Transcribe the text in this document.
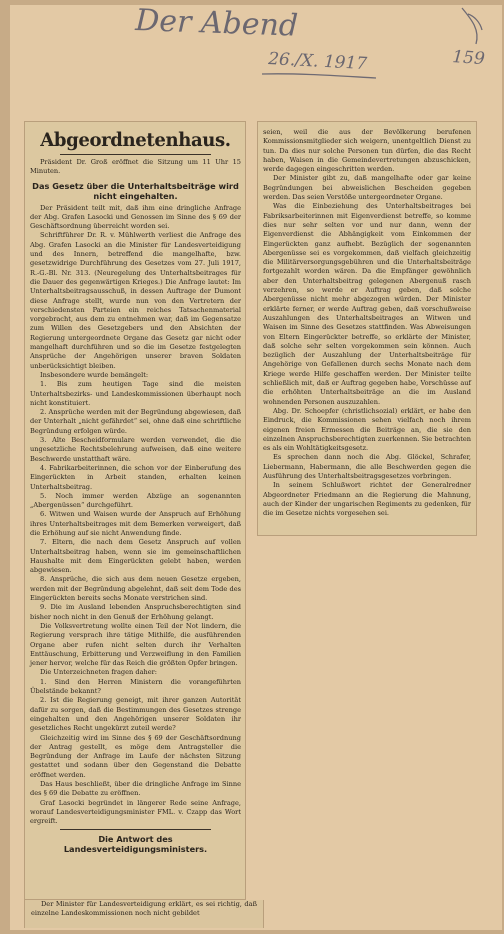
Der Abend
26./X. 1917	159
Abgeordnetenhaus.

Präsident Dr. Groß eröffnet die Sitzung um 11 Uhr 15 Minuten.

Das Gesetz über die Unterhaltsbeiträge wird nicht eingehalten.

Der Präsident teilt mit, daß ihm eine dringliche Anfrage der Abg. Grafen Lasocki und Genossen im Sinne des § 69 der Geschäftsordnung überreicht worden sei.

Schriftführer Dr. R. v. Mühlwerth verliest die Anfrage des Abg. Grafen Lasocki an die Minister für Landesverteidigung und des Innern, betreffend die mangelhafte, bzw. gesetzwidrige Durchführung des Gesetzes vom 27. Juli 1917, R.-G.-Bl. Nr. 313. (Neuregelung des Unterhaltsbeitrages für die Dauer des gegenwärtigen Krieges.) Die Anfrage lautet: Im Unterhaltsbeitragsausschuß, in dessen Auftrage der Dumont diese Anfrage stellt, wurde nun von den Vertretern der verschiedensten Parteien ein reiches Tatsachenmaterial vorgebracht, aus dem zu entnehmen war, daß im Gegensatze zum Willen des Gesetzgebers und den Absichten der Regierung untergeordnete Organe das Gesetz gar nicht oder mangelhaft durchführen und so die im Gesetze festgelegten Ansprüche der Angehörigen unserer braven Soldaten unberücksichtigt bleiben.

Insbesondere wurde bemängelt:

1. Bis zum heutigen Tage sind die meisten Unterhaltsbezirks- und Landeskommissionen überhaupt noch nicht konstituiert.

2. Ansprüche werden mit der Begründung abgewiesen, daß der Unterhalt „nicht gefährdet“ sei, ohne daß eine schriftliche Begründung erfolgen würde.

3. Alte Bescheidformulare werden verwendet, die die ungesetzliche Rechtsbelehrung aufweisen, daß eine weitere Beschwerde unstatthaft wäre.

4. Fabrikarbeiterinnen, die schon vor der Einberufung des Eingerückten in Arbeit standen, erhalten keinen Unterhaltsbeitrag.

5. Noch immer werden Abzüge an sogenannten „Abergenüssen“ durchgeführt.

6. Witwen und Waisen wurde der Anspruch auf Erhöhung ihres Unterhaltsbeitrages mit dem Bemerken verweigert, daß die Erhöhung auf sie nicht Anwendung finde.

7. Eltern, die nach dem Gesetz Anspruch auf vollen Unterhaltsbeitrag haben, wenn sie im gemeinschaftlichen Haushalte mit dem Eingerückten gelebt haben, werden abgewiesen.

8. Ansprüche, die sich aus dem neuen Gesetze ergeben, werden mit der Begründung abgelehnt, daß seit dem Tode des Eingerückten bereits sechs Monate verstrichen sind.

9. Die im Ausland lebenden Anspruchsberechtigten sind bisher noch nicht in den Genuß der Erhöhung gelangt.

Die Volksvertretung wollte einen Teil der Not lindern, die Regierung versprach ihre tätige Mithilfe, die ausführenden Organe aber rufen nicht selten durch ihr Verhalten Enttäuschung, Erbitterung und Verzweiflung in den Familien jener hervor, welche für das Reich die größten Opfer bringen.

Die Unterzeichneten fragen daher:

1. Sind den Herren Ministern die vorangeführten Übelstände bekannt?

2. Ist die Regierung geneigt, mit ihrer ganzen Autorität dafür zu sorgen, daß die Bestimmungen des Gesetzes strenge eingehalten und den Angehörigen unserer Soldaten ihr gesetzliches Recht ungekürzt zuteil werde?

Gleichzeitig wird im Sinne des § 69 der Geschäftsordnung der Antrag gestellt, es möge dem Antragsteller die Begründung der Anfrage im Laufe der nächsten Sitzung gestattet und sodann über den Gegenstand die Debatte eröffnet werden.

Das Haus beschließt, über die dringliche Anfrage im Sinne des § 69 die Debatte zu eröffnen.

Graf Lasocki begründet in längerer Rede seine Anfrage, worauf Landesverteidigungsminister FML. v. Czapp das Wort ergreift.

Die Antwort des Landesverteidigungsministers.

Der Minister für Landesverteidigung erklärt, es sei richtig, daß einzelne Landeskommissionen noch nicht gebildet

seien, weil die aus der Bevölkerung berufenen Kommissionsmitglieder sich weigern, unentgeltlich Dienst zu tun. Da dies nur solche Personen tun dürfen, die das Recht haben, Waisen in die Gemeindevertretungen abzuschicken, werde dagegen eingeschritten werden.

Der Minister gibt zu, daß mangelhafte oder gar keine Begründungen bei abweislichen Bescheiden gegeben werden. Das seien Verstöße untergeordneter Organe.

Was die Einbeziehung des Unterhaltsbeitrages bei Fabriksarbeiterinnen mit Eigenverdienst betreffe, so komme dies nur sehr selten vor und nur dann, wenn der Eigenverdienst die Abhängigkeit vom Einkommen der Eingerückten ganz aufhebt. Bezüglich der sogenannten Abergenüsse sei es vorgekommen, daß vielfach gleichzeitig die Militärversorgungsgebühren und die Unterhaltsbeiträge fortgezahlt worden wären. Da die Empfänger gewöhnlich aber den Unterhaltsbeitrag gelegenen Abergenuß rasch verzehren, so werde er Auftrag geben, daß solche Abergenüsse nicht mehr abgezogen würden. Der Minister erklärte ferner, er werde Auftrag geben, daß vorschußweise Auszahlungen des Unterhaltsbeitrages an Witwen und Waisen im Sinne des Gesetzes stattfinden. Was Abweisungen von Eltern Eingerückter betreffe, so erklärte der Minister, daß solche sehr selten vorgekommen sein können. Auch bezüglich der Auszahlung der Unterhaltsbeiträge für Angehörige von Gefallenen durch sechs Monate nach dem Kriege werde Hilfe geschaffen werden. Der Minister teilte schließlich mit, daß er Auftrag gegeben habe, Vorschüsse auf die erhöhten Unterhaltsbeiträge an die im Ausland wohnenden Personen auszuzahlen.

Abg. Dr. Schoepfer (christlichsozial) erklärt, er habe den Eindruck, die Kommissionen sehen vielfach noch ihrem eigenen freien Ermessen die Beiträge an, die sie den einzelnen Anspruchsberechtigten zuerkennen. Sie betrachten es als ein Wohltätigkeitsgesetz.

Es sprechen dann noch die Abg. Glöckel, Schrafer, Liebermann, Habermann, die alle Beschwerden gegen die Ausführung des Unterhaltsbeitragsgesetzes vorbringen.

In seinem Schlußwort richtet der Generalredner Abgeordneter Friedmann an die Regierung die Mahnung, auch der Kinder der ungarischen Regiments zu gedenken, für die im Gesetze nichts vorgesehen sei.
